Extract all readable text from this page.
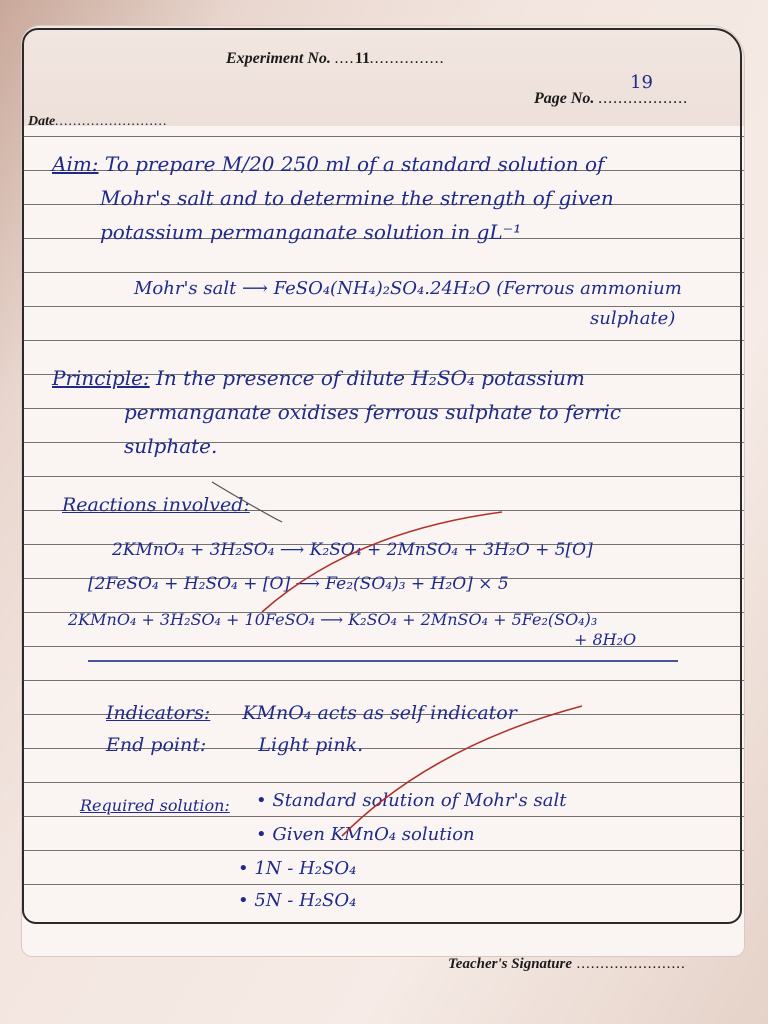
Experiment No. ....11...............
19
Page No. ..................
Date.........................
Aim: To prepare M/20 250 ml of a standard solution of
Mohr's salt and to determine the strength of given
potassium permanganate solution in gL⁻¹
Mohr's salt ⟶ FeSO₄(NH₄)₂SO₄.24H₂O (Ferrous ammonium
sulphate)
Principle: In the presence of dilute H₂SO₄ potassium
permanganate oxidises ferrous sulphate to ferric
sulphate.
Reactions involved:
2KMnO₄ + 3H₂SO₄ ⟶ K₂SO₄ + 2MnSO₄ + 3H₂O + 5[O]
[2FeSO₄ + H₂SO₄ + [O] ⟶ Fe₂(SO₄)₃ + H₂O] × 5
2KMnO₄ + 3H₂SO₄ + 10FeSO₄ ⟶ K₂SO₄ + 2MnSO₄ + 5Fe₂(SO₄)₃
+ 8H₂O
Indicators: KMnO₄ acts as self indicator
End point:	Light pink.
Required solution: • Standard solution of Mohr's salt
• Given KMnO₄ solution
• 1N - H₂SO₄
• 5N - H₂SO₄
Teacher's Signature .......................
